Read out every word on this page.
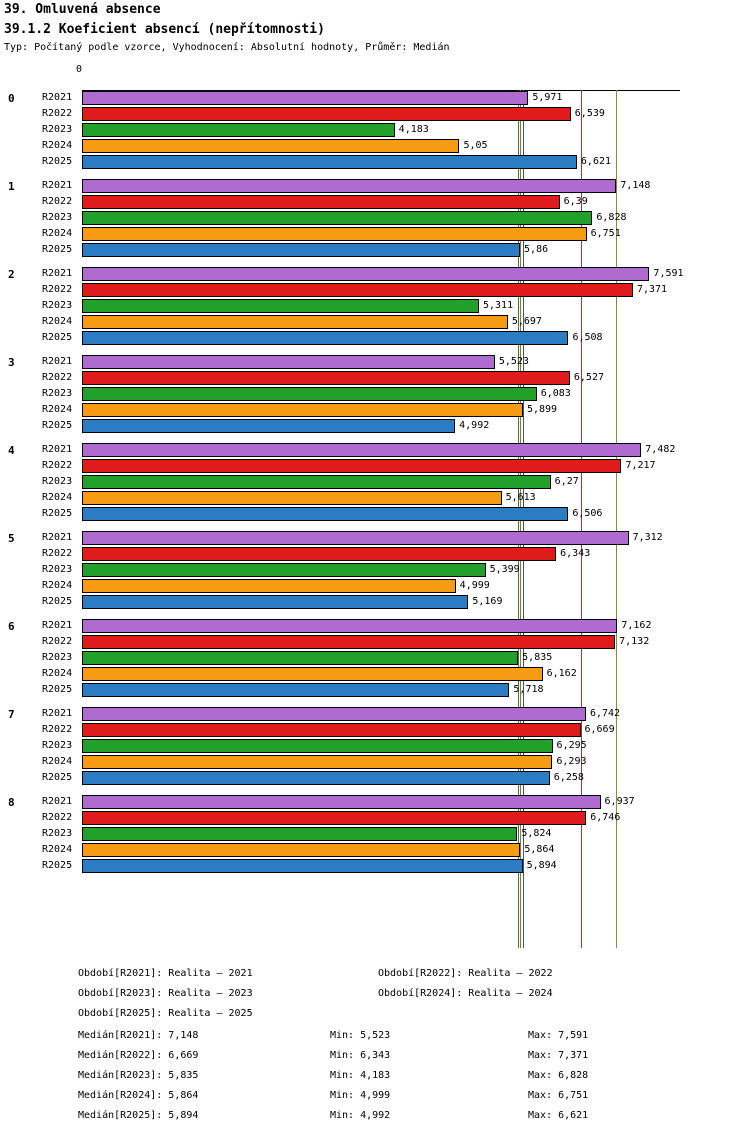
39. Omluvená absence
39.1.2 Koeficient absencí (nepřítomnosti)
Typ: Počítaný podle vzorce, Vyhodnocení: Absolutní hodnoty, Průměr: Medián
0
0	R2021	5,971
R2022	6,539
R2023	4,183
R2024	5,05
R2025	6,621
1	R2021	7,148
R2022	6,39
R2023	6,828
R2024	6,751
R2025	5,86
2	R2021	7,591
R2022	7,371
R2023	5,311
R2024	5,697
R2025	6,508
3	R2021	5,523
R2022	6,527
R2023	6,083
R2024	5,899
R2025	4,992
4	R2021	7,482
R2022	7,217
R2023	6,27
R2024	5,613
R2025	6,506
5	R2021	7,312
R2022	6,343
R2023	5,399
R2024	4,999
R2025	5,169
6	R2021	7,162
R2022	7,132
R2023	5,835
R2024	6,162
R2025	5,718
7	R2021	6,742
R2022	6,669
R2023	6,295
R2024	6,293
R2025	6,258
8	R2021	6,937
R2022	6,746
R2023	5,824
R2024	5,864
R2025	5,894
Období[R2021]: Realita – 2021	Období[R2022]: Realita – 2022
Období[R2023]: Realita – 2023	Období[R2024]: Realita – 2024
Období[R2025]: Realita – 2025
Medián[R2021]: 7,148	Min: 5,523	Max: 7,591
Medián[R2022]: 6,669	Min: 6,343	Max: 7,371
Medián[R2023]: 5,835	Min: 4,183	Max: 6,828
Medián[R2024]: 5,864	Min: 4,999	Max: 6,751
Medián[R2025]: 5,894	Min: 4,992	Max: 6,621
